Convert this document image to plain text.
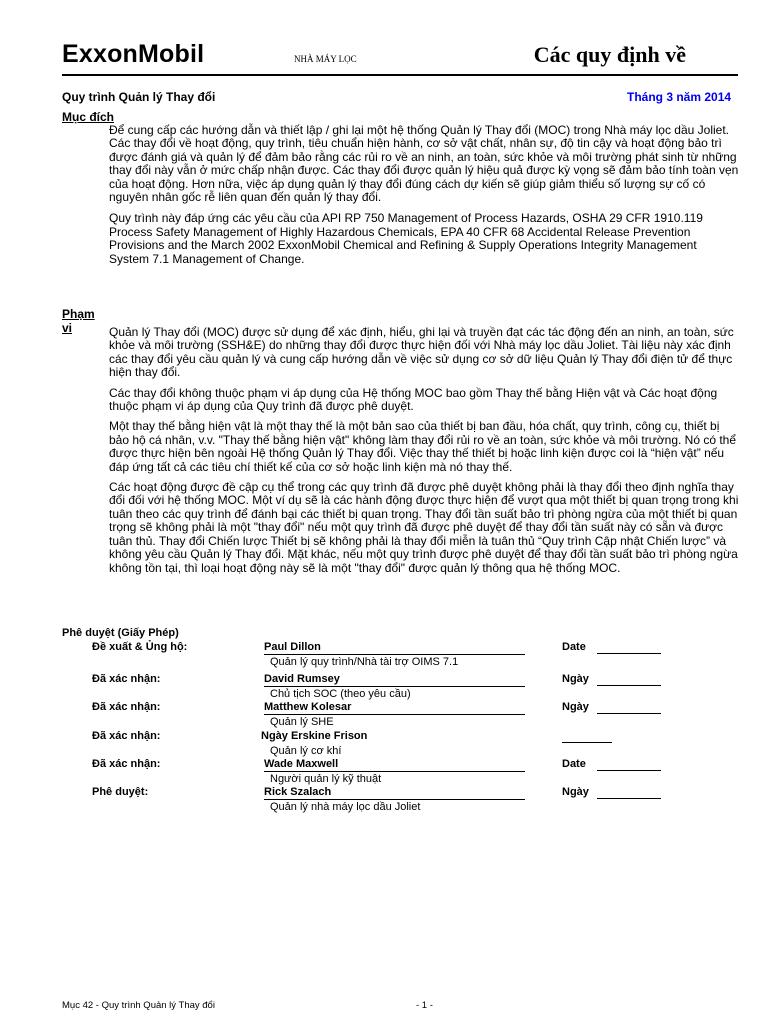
ExxonMobil	NHÀ MÁY LỌC	Các quy định về
Quy trình Quản lý Thay đổi	Tháng 3 năm 2014
Mục đích

Để cung cấp các hướng dẫn và thiết lập / ghi lại một hệ thống Quản lý Thay đổi (MOC) trong Nhà máy lọc dầu Joliet. Các thay đổi về hoạt động, quy trình, tiêu chuẩn hiện hành, cơ sở vật chất, nhân sự, độ tin cậy và hoạt động bảo trì được đánh giá và quản lý để đảm bảo rằng các rủi ro về an ninh, an toàn, sức khỏe và môi trường phát sinh từ những thay đổi này vẫn ở mức chấp nhận được. Các thay đổi được quản lý hiệu quả được kỳ vọng sẽ đảm bảo tính toàn vẹn của hoạt động. Hơn nữa, việc áp dụng quản lý thay đổi đúng cách dự kiến sẽ giúp giảm thiểu số lượng sự cố có nguyên nhân gốc rễ liên quan đến quản lý thay đổi.

Quy trình này đáp ứng các yêu cầu của API RP 750 Management of Process Hazards, OSHA 29 CFR 1910.119 Process Safety Management of Highly Hazardous Chemicals, EPA 40 CFR 68 Accidental Release Prevention Provisions and the March 2002 ExxonMobil Chemical and Refining & Supply Operations Integrity Management System 7.1 Management of Change.

Phạm
vi	Quản lý Thay đổi (MOC) được sử dụng để xác định, hiểu, ghi lại và truyền đạt các tác động đến an ninh, an toàn, sức khỏe và môi trường (SSH&E) do những thay đổi được thực hiện đối với Nhà máy lọc dầu Joliet. Tài liệu này xác định các thay đổi yêu cầu quản lý và cung cấp hướng dẫn về việc sử dụng cơ sở dữ liệu Quản lý Thay đổi điện tử để thực hiện thay đổi.

Các thay đổi không thuộc phạm vi áp dụng của Hệ thống MOC bao gồm Thay thế bằng Hiện vật và Các hoạt động thuộc phạm vi áp dụng của Quy trình đã được phê duyệt.

Một thay thế bằng hiện vật là một thay thế là một bản sao của thiết bị ban đầu, hóa chất, quy trình, công cụ, thiết bị bảo hộ cá nhân, v.v. "Thay thế bằng hiện vật" không làm thay đổi rủi ro về an toàn, sức khỏe và môi trường. Nó có thể được thực hiện bên ngoài Hệ thống Quản lý Thay đổi. Việc thay thế thiết bị hoặc linh kiện được coi là “hiện vật” nếu đáp ứng tất cả các tiêu chí thiết kế của cơ sở hoặc linh kiện mà nó thay thế.

Các hoạt động được đề cập cụ thể trong các quy trình đã được phê duyệt không phải là thay đổi theo định nghĩa thay đổi đối với hệ thống MOC. Một ví dụ sẽ là các hành động được thực hiện để vượt qua một thiết bị quan trọng trong khi tuân theo các quy trình để đánh bại các thiết bị quan trọng. Thay đổi tần suất bảo trì phòng ngừa của một thiết bị quan trọng sẽ không phải là một "thay đổi" nếu một quy trình đã được phê duyệt để thay đổi tần suất này có sẵn và được tuân thủ. Thay đổi Chiến lược Thiết bị sẽ không phải là thay đổi miễn là tuân thủ “Quy trình Cập nhật Chiến lược” và không yêu cầu Quản lý Thay đổi. Mặt khác, nếu một quy trình được phê duyệt để thay đổi tần suất bảo trì phòng ngừa không tồn tại, thì loại hoạt động này sẽ là một "thay đổi" được quản lý thông qua hệ thống MOC.

Phê duyệt (Giấy Phép)
Đề xuất & Ủng hộ:	Paul Dillon
Quản lý quy trình/Nhà tài trợ OIMS 7.1
Date
Đã xác nhận:	David Rumsey
Chủ tịch SOC (theo yêu cầu)
Ngày
Đã xác nhận:	Matthew Kolesar
Quản lý SHE
Ngày
Đã xác nhận:	Ngày Erskine Frison
Quản lý cơ khí
Đã xác nhận:	Wade Maxwell
Người quản lý kỹ thuật
Date
Phê duyệt:	Rick Szalach
Quản lý nhà máy lọc dầu Joliet
Ngày
Mục 42 - Quy trình Quản lý Thay đổi	- 1 -
